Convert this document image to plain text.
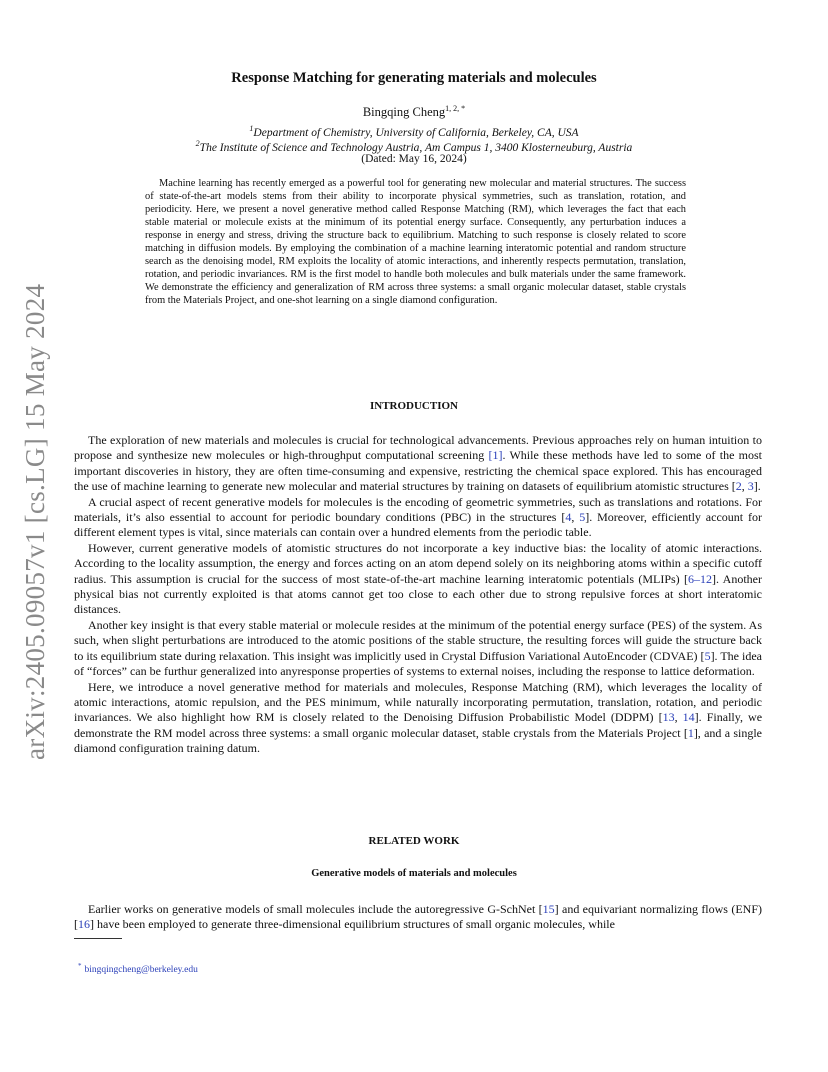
arXiv:2405.09057v1 [cs.LG] 15 May 2024
Response Matching for generating materials and molecules
Bingqing Cheng$^{1, 2, *}$
$^1$Department of Chemistry, University of California, Berkeley, CA, USA
$^2$The Institute of Science and Technology Austria, Am Campus 1, 3400 Klosterneuburg, Austria
(Dated: May 16, 2024)
Machine learning has recently emerged as a powerful tool for generating new molecular and material structures. The success of state-of-the-art models stems from their ability to incorporate physical symmetries, such as translation, rotation, and periodicity. Here, we present a novel generative method called Response Matching (RM), which leverages the fact that each stable material or molecule exists at the minimum of its potential energy surface. Consequently, any perturbation induces a response in energy and stress, driving the structure back to equilibrium. Matching to such response is closely related to score matching in diffusion models. By employing the combination of a machine learning interatomic potential and random structure search as the denoising model, RM exploits the locality of atomic interactions, and inherently respects permutation, translation, rotation, and periodic invariances. RM is the first model to handle both molecules and bulk materials under the same framework. We demonstrate the efficiency and generalization of RM across three systems: a small organic molecular dataset, stable crystals from the Materials Project, and one-shot learning on a single diamond configuration.
INTRODUCTION

The exploration of new materials and molecules is crucial for technological advancements. Previous approaches rely on human intuition to propose and synthesize new molecules or high-throughput computational screening [1]. While these methods have led to some of the most important discoveries in history, they are often time-consuming and expensive, restricting the chemical space explored. This has encouraged the use of machine learning to generate new molecular and material structures by training on datasets of equilibrium atomistic structures [2, 3].

A crucial aspect of recent generative models for molecules is the encoding of geometric symmetries, such as translations and rotations. For materials, it’s also essential to account for periodic boundary conditions (PBC) in the structures [4, 5]. Moreover, efficiently account for different element types is vital, since materials can contain over a hundred elements from the periodic table.

However, current generative models of atomistic structures do not incorporate a key inductive bias: the locality of atomic interactions. According to the locality assumption, the energy and forces acting on an atom depend solely on its neighboring atoms within a specific cutoff radius. This assumption is crucial for the success of most state-of-the-art machine learning interatomic potentials (MLIPs) [6–12]. Another physical bias not currently exploited is that atoms cannot get too close to each other due to strong repulsive forces at short interatomic distances.

Another key insight is that every stable material or molecule resides at the minimum of the potential energy surface (PES) of the system. As such, when slight perturbations are introduced to the atomic positions of the stable structure, the resulting forces will guide the structure back to its equilibrium state during relaxation. This insight was implicitly used in Crystal Diffusion Variational AutoEncoder (CDVAE) [5]. The idea of “forces” can be furthur generalized into anyresponse properties of systems to external noises, including the response to lattice deformation.

Here, we introduce a novel generative method for materials and molecules, Response Matching (RM), which leverages the locality of atomic interactions, atomic repulsion, and the PES minimum, while naturally incorporating permutation, translation, rotation, and periodic invariances. We also highlight how RM is closely related to the Denoising Diffusion Probabilistic Model (DDPM) [13, 14]. Finally, we demonstrate the RM model across three systems: a small organic molecular dataset, stable crystals from the Materials Project [1], and a single diamond configuration training datum.

RELATED WORK
Generative models of materials and molecules

Earlier works on generative models of small molecules include the autoregressive G-SchNet [15] and equivariant normalizing flows (ENF) [16] have been employed to generate three-dimensional equilibrium structures of small organic molecules, while

* bingqingcheng@berkeley.edu
